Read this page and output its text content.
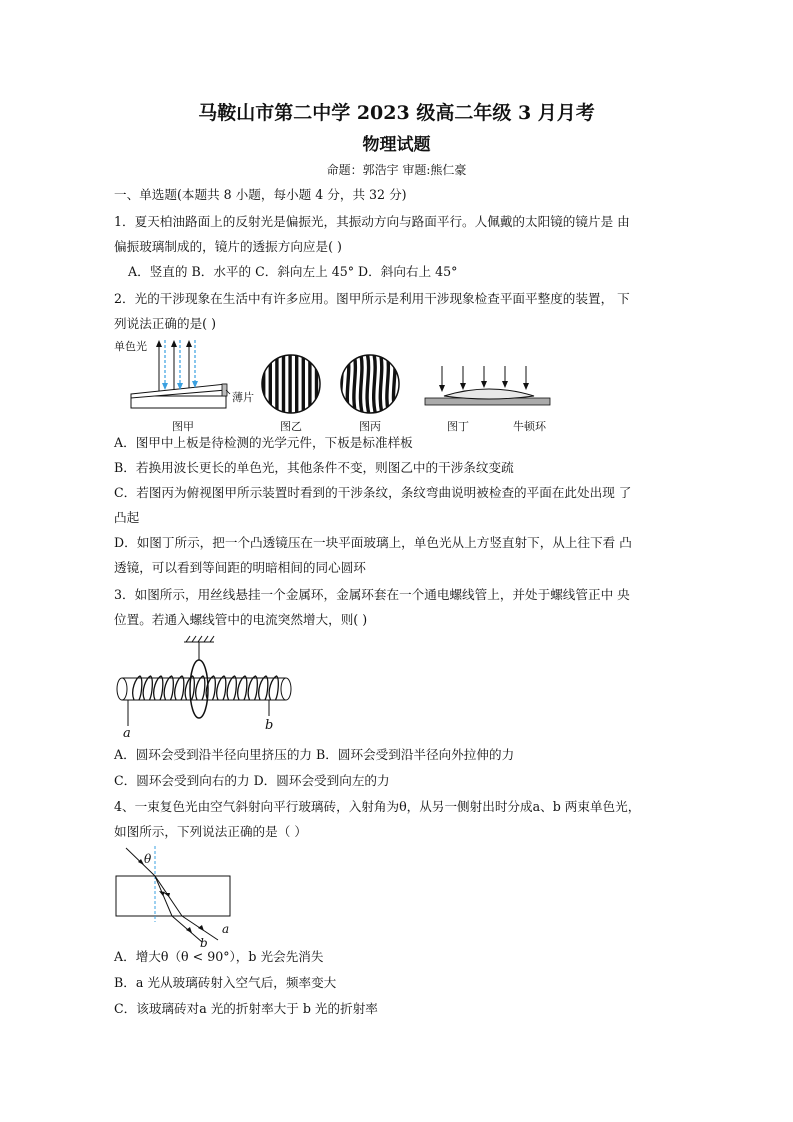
马鞍山市第二中学 2023 级高二年级 3 月月考
物理试题
命题：郭浩宇 审题:熊仁豪
一、单选题(本题共 8 小题，每小题 4 分，共 32 分)
1．夏天柏油路面上的反射光是偏振光，其振动方向与路面平行。人佩戴的太阳镜的镜片是 由
偏振玻璃制成的，镜片的透振方向应是( )
A．竖直的 B．水平的 C．斜向左上 45° D．斜向右上 45°
2．光的干涉现象在生活中有许多应用。图甲所示是利用干涉现象检查平面平整度的装置， 下
列说法正确的是( )
单色光
薄片
图甲	图乙	图丙	图丁	牛顿环
A．图甲中上板是待检测的光学元件，下板是标准样板
B．若换用波长更长的单色光，其他条件不变，则图乙中的干涉条纹变疏
C．若图丙为俯视图甲所示装置时看到的干涉条纹，条纹弯曲说明被检查的平面在此处出现 了
凸起
D．如图丁所示，把一个凸透镜压在一块平面玻璃上，单色光从上方竖直射下，从上往下看 凸
透镜，可以看到等间距的明暗相间的同心圆环
3．如图所示，用丝线悬挂一个金属环，金属环套在一个通电螺线管上，并处于螺线管正中 央
位置。若通入螺线管中的电流突然增大，则( )
a
b
A．圆环会受到沿半径向里挤压的力 B．圆环会受到沿半径向外拉伸的力
C．圆环会受到向右的力 D．圆环会受到向左的力
4、一束复色光由空气斜射向平行玻璃砖，入射角为θ，从另一侧射出时分成a、b 两束单色光，
如图所示，下列说法正确的是（ ）
θ
a
b
A．增大θ（θ < 90°），b 光会先消失
B．a 光从玻璃砖射入空气后，频率变大
C．该玻璃砖对a 光的折射率大于 b 光的折射率
